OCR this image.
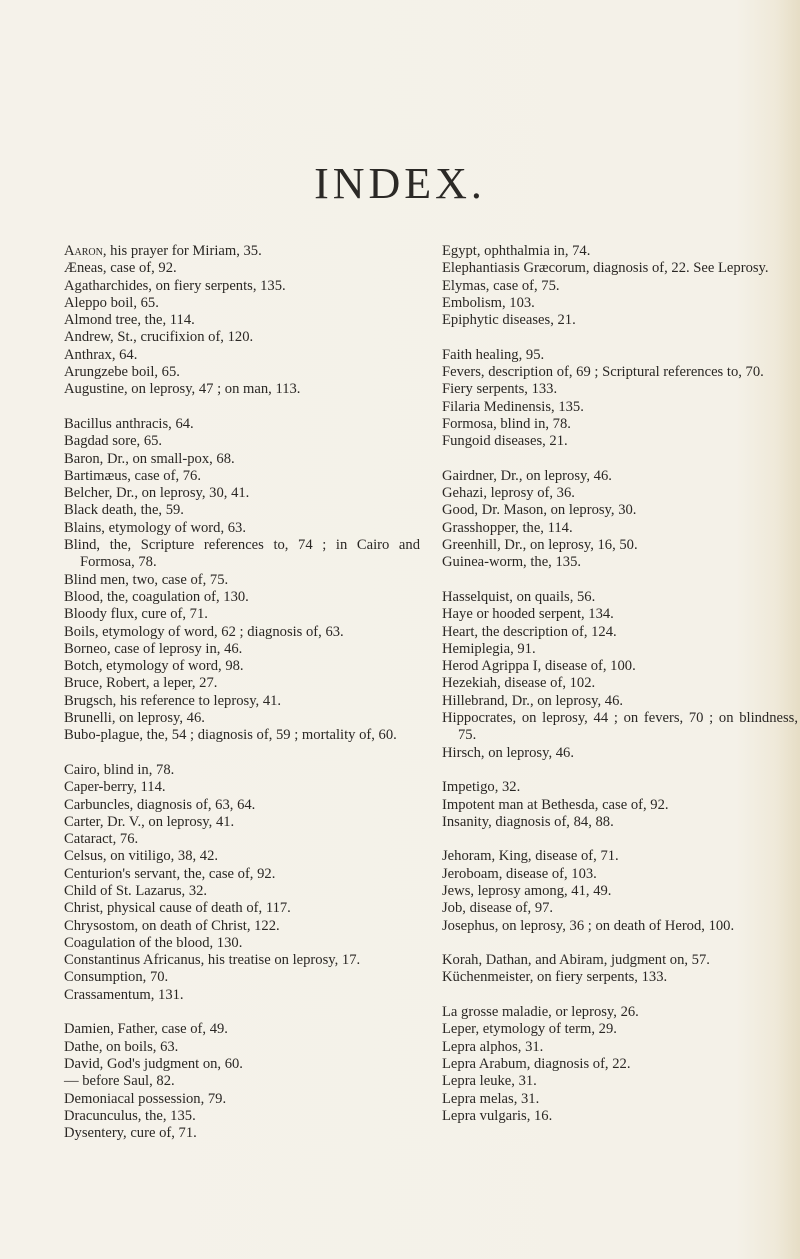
INDEX.
Aaron, his prayer for Miriam, 35.
Æneas, case of, 92.
Agatharchides, on fiery serpents, 135.
Aleppo boil, 65.
Almond tree, the, 114.
Andrew, St., crucifixion of, 120.
Anthrax, 64.
Arungzebe boil, 65.
Augustine, on leprosy, 47 ; on man, 113.
Bacillus anthracis, 64.
Bagdad sore, 65.
Baron, Dr., on small-pox, 68.
Bartimæus, case of, 76.
Belcher, Dr., on leprosy, 30, 41.
Black death, the, 59.
Blains, etymology of word, 63.
Blind, the, Scripture references to, 74 ; in Cairo and Formosa, 78.
Blind men, two, case of, 75.
Blood, the, coagulation of, 130.
Bloody flux, cure of, 71.
Boils, etymology of word, 62 ; diagnosis of, 63.
Borneo, case of leprosy in, 46.
Botch, etymology of word, 98.
Bruce, Robert, a leper, 27.
Brugsch, his reference to leprosy, 41.
Brunelli, on leprosy, 46.
Bubo-plague, the, 54 ; diagnosis of, 59 ; mortality of, 60.
Cairo, blind in, 78.
Caper-berry, 114.
Carbuncles, diagnosis of, 63, 64.
Carter, Dr. V., on leprosy, 41.
Cataract, 76.
Celsus, on vitiligo, 38, 42.
Centurion's servant, the, case of, 92.
Child of St. Lazarus, 32.
Christ, physical cause of death of, 117.
Chrysostom, on death of Christ, 122.
Coagulation of the blood, 130.
Constantinus Africanus, his treatise on leprosy, 17.
Consumption, 70.
Crassamentum, 131.
Damien, Father, case of, 49.
Dathe, on boils, 63.
David, God's judgment on, 60.
— before Saul, 82.
Demoniacal possession, 79.
Dracunculus, the, 135.
Dysentery, cure of, 71.
Egypt, ophthalmia in, 74.
Elephantiasis Græcorum, diagnosis of, 22. See Leprosy.
Elymas, case of, 75.
Embolism, 103.
Epiphytic diseases, 21.
Faith healing, 95.
Fevers, description of, 69 ; Scriptural references to, 70.
Fiery serpents, 133.
Filaria Medinensis, 135.
Formosa, blind in, 78.
Fungoid diseases, 21.
Gairdner, Dr., on leprosy, 46.
Gehazi, leprosy of, 36.
Good, Dr. Mason, on leprosy, 30.
Grasshopper, the, 114.
Greenhill, Dr., on leprosy, 16, 50.
Guinea-worm, the, 135.
Hasselquist, on quails, 56.
Haye or hooded serpent, 134.
Heart, the description of, 124.
Hemiplegia, 91.
Herod Agrippa I, disease of, 100.
Hezekiah, disease of, 102.
Hillebrand, Dr., on leprosy, 46.
Hippocrates, on leprosy, 44 ; on fevers, 70 ; on blindness, 75.
Hirsch, on leprosy, 46.
Impetigo, 32.
Impotent man at Bethesda, case of, 92.
Insanity, diagnosis of, 84, 88.
Jehoram, King, disease of, 71.
Jeroboam, disease of, 103.
Jews, leprosy among, 41, 49.
Job, disease of, 97.
Josephus, on leprosy, 36 ; on death of Herod, 100.
Korah, Dathan, and Abiram, judgment on, 57.
Küchenmeister, on fiery serpents, 133.
La grosse maladie, or leprosy, 26.
Leper, etymology of term, 29.
Lepra alphos, 31.
Lepra Arabum, diagnosis of, 22.
Lepra leuke, 31.
Lepra melas, 31.
Lepra vulgaris, 16.
